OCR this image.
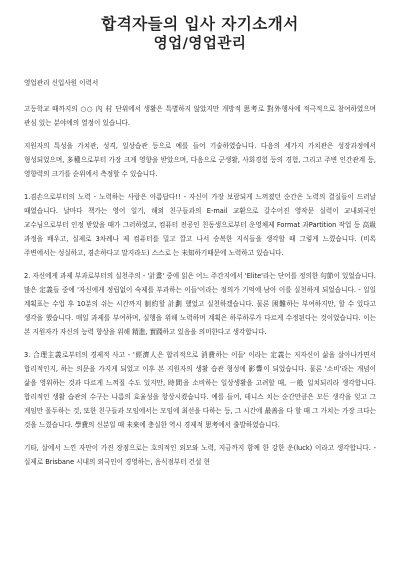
합격자들의 입사 자기소개서
영업/영업관리
영업관리 신입사원 이력서

고등학교 때까지의 ○○ 內 村 단위에서 생활은 특별하지 않았지만 개방적 思考로 對外행사에 적극적으로 참여하였으며 관심 있는 분야에의 열정이 있습니다.

지원자의 특성을 가치관, 성격, 일상습관 등으로 예를 들어 기술하였습니다. 다음의 세가지 가치관은 성장과정에서 형성되었으며, 多種으로부터 가장 크게 영향을 받았으며, 다음으로 군생활, 사회경험 등의 경험, 그리고 주변 인간관계 등, 영향력의 크기를 순위에서 측정할 수 있습니다.

1.겸손으로부터의 노력 - 노력하는 사람은 아름답다!! - 자신이 가장 보람되게 느껴졌던 순간은 노력의 결실들이 드러날 때였습니다. 날마다 책가는 영어 일기, 해외 친구들과의 E-mail 교환으로 갈수어진 영작문 실력이 교내외국인 교수님으로부터 인정 받았을 때가 그러하였고, 컴퓨터 전공인 친동생으로부터 운영체제 Format 과Partition 작업 등 高級 과정을 배우고, 실제로 3차례나 제 컴퓨터를 밀고 깔고 나서 승복한 지식들을 생각할 때 그렇게 느꼈습니다. (비록 주변에서는 성실하고, 겸손하다고 말지라도) 스스로 는 未知하기때문에 노력하고 있습니다.

2. 자신에게 과제 부과로부터의 실천주의 - '計畫' 중에 읽은 어느 주간지에서 'Elite'라는 단어를 정의한 句節이 있었습니다. 많은 定義들 중에 '자신에게 정립없이 숙제를 부과하는 이들'이라는 정의가 기억에 남아 이를 실천하게 되었습니다. - 일일 계획표는 수업 후 10분의 쉬는 시간까지 制約할 計劃 했었고 실천하겠습니다. 물론 困難하는 부여하지만, 할 수 있다고 생각을 했습니다. 매일 과제를 부여하며, 실행을 위해 노력하며 계획은 하루하루가 다르게 수정된다는 것이었습니다. 이는 본 지원자가 자신의 능력 향상을 위해 精進, 實踐하고 있음을 의미한다고 생각합니다.

3. 合理主義로부터의 경제적 사고 - '經濟人은 합리적으로 消費하는 이들' 이라는 定義는 저자신이 삶을 살아나가면서 합리적인지, 하는 의문을 가지게 되었고 이후 본 지원자의 생활 습관 형성에 影響이 되었습니다. 물론 '소비'라는 개념이 삶을 영위하는 것과 다르게 느껴질 수도 있지만, 時間을 소비하는 일상생활을 고려할 때, 一般 일치되리라 생각합니다. 합리적인 생활 습관의 수구는 나름의 효율성을 항상시켰습니다. 예를 들어, 테니스 치는 순간만큼은 모든 생각을 잊고 그 게임만 몰두하는 것, 또한 친구들과 모임에서는 모임에 최선을 다하는 등, 그 시간에 最善을 다 할 때 그 가치는 가장 크다는 것을 느꼈습니다. 學費의 신분일 때 未來에 충실한 역시 경제적 思考에서 출발하였습니다.

기타, 살에서 느낀 자만이 가진 장점으로는 호의적인 외모와 노력, 지금까지 함께 한 강한 운(luck) 이라고 생각합니다. - 실제로 Brisbane 시내의 외국인이 경영하는, 음식점부터 건설 현
